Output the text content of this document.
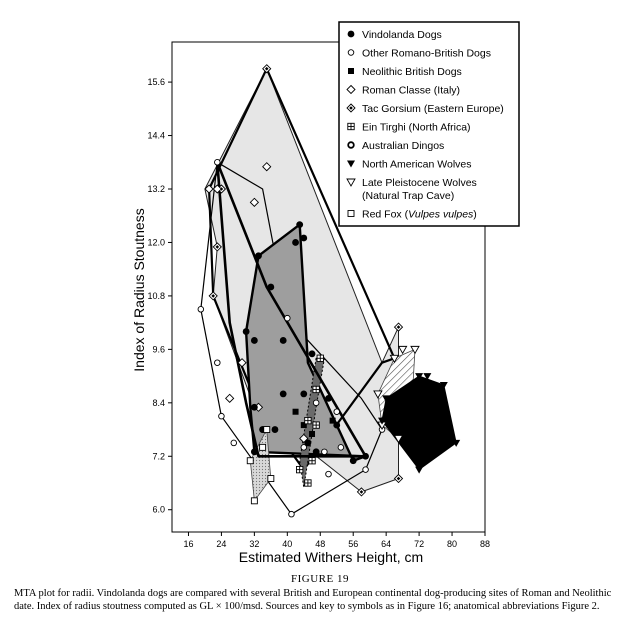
16	24	32	40	48	56	64	72	80	88
6.0
7.2
8.4
9.6
10.8
12.0
13.2
14.4
15.6
Estimated Withers Height, cm
Index of Radius Stoutness
Vindolanda Dogs
Other Romano-British Dogs
Neolithic British Dogs
Roman Classe (Italy)
Tac Gorsium (Eastern Europe)
Ein Tirghi (North Africa)
Australian Dingos
North American Wolves
Late Pleistocene Wolves
(Natural Trap Cave)
Red Fox (Vulpes vulpes)
FIGURE 19
MTA plot for radii. Vindolanda dogs are compared with several British and European continental dog-producing sites of Roman and Neolithic date. Index of radius stoutness computed as GL × 100/msd. Sources and key to symbols as in Figure 16; anatomical abbreviations Figure 2.
